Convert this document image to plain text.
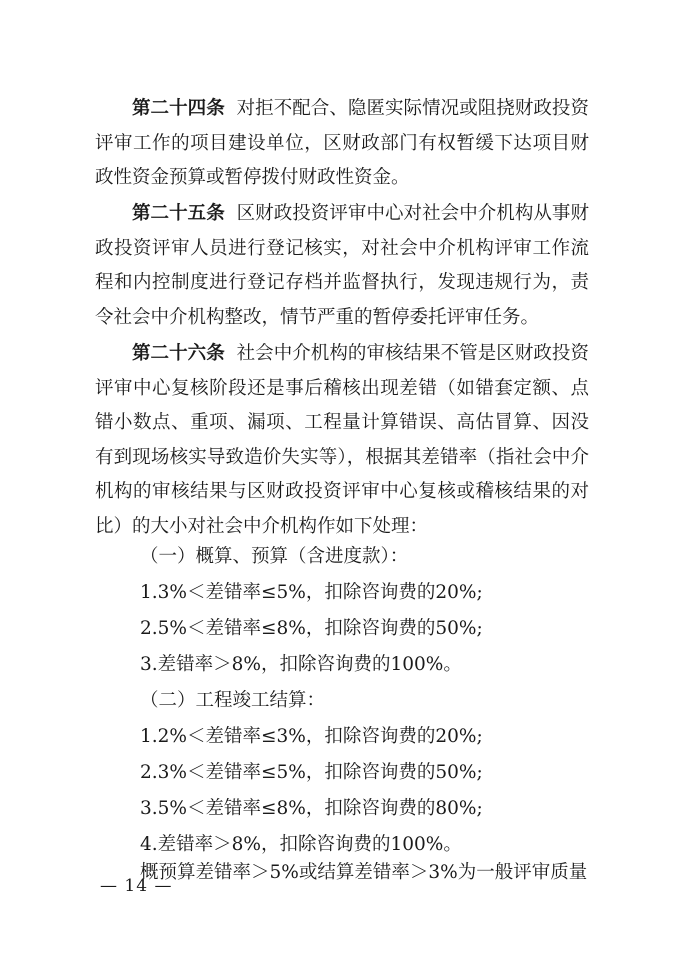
第二十四条 对拒不配合、隐匿实际情况或阻挠财政投资评审工作的项目建设单位，区财政部门有权暂缓下达项目财政性资金预算或暂停拨付财政性资金。

第二十五条 区财政投资评审中心对社会中介机构从事财政投资评审人员进行登记核实，对社会中介机构评审工作流程和内控制度进行登记存档并监督执行，发现违规行为，责令社会中介机构整改，情节严重的暂停委托评审任务。

第二十六条 社会中介机构的审核结果不管是区财政投资评审中心复核阶段还是事后稽核出现差错（如错套定额、点错小数点、重项、漏项、工程量计算错误、高估冒算、因没有到现场核实导致造价失实等），根据其差错率（指社会中介机构的审核结果与区财政投资评审中心复核或稽核结果的对比）的大小对社会中介机构作如下处理：

（一）概算、预算（含进度款）：
1.3%＜差错率≤5%，扣除咨询费的20%;
2.5%＜差错率≤8%，扣除咨询费的50%;
3.差错率＞8%，扣除咨询费的100%。
（二）工程竣工结算：
1.2%＜差错率≤3%，扣除咨询费的20%;
2.3%＜差错率≤5%，扣除咨询费的50%;
3.5%＜差错率≤8%，扣除咨询费的80%;
4.差错率＞8%，扣除咨询费的100%。
概预算差错率＞5%或结算差错率＞3%为一般评审质量
— 14 —
